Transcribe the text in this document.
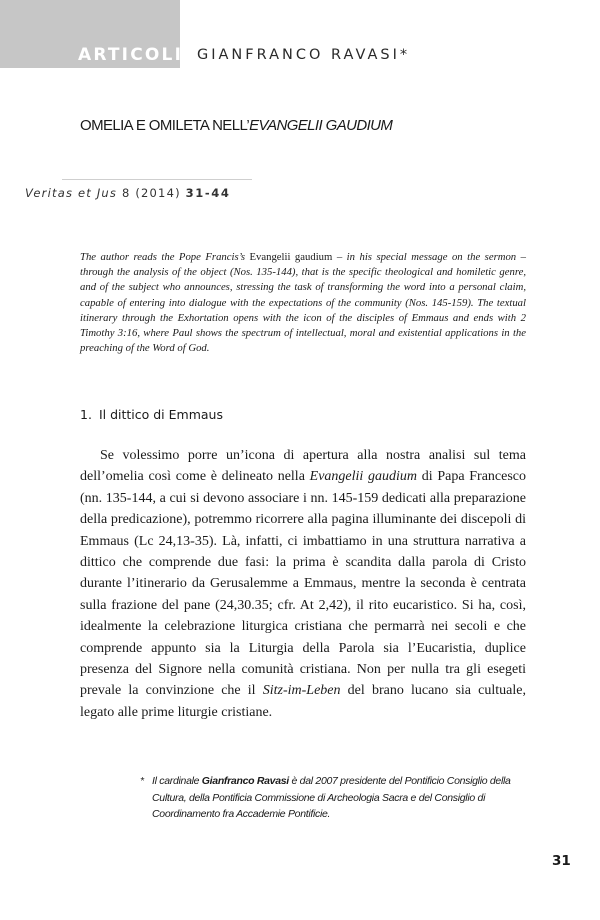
ARTICOLI GIANFRANCO RAVASI*
OMELIA E OMILETA NELL’EVANGELII GAUDIUM
Veritas et Jus 8 (2014) 31-44

The author reads the Pope Francis’s Evangelii gaudium – in his special message on the sermon – through the analysis of the object (Nos. 135-144), that is the specific theological and homiletic genre, and of the subject who announces, stressing the task of transforming the word into a personal claim, capable of entering into dialogue with the expectations of the community (Nos. 145-159). The textual itinerary through the Exhortation opens with the icon of the disciples of Emmaus and ends with 2 Timothy 3:16, where Paul shows the spectrum of intellectual, moral and existential applications in the preaching of the Word of God.

1. Il dittico di Emmaus

Se volessimo porre un’icona di apertura alla nostra analisi sul tema dell’omelia così come è delineato nella Evangelii gaudium di Papa Francesco (nn. 135-144, a cui si devono associare i nn. 145-159 dedicati alla preparazione della predicazione), potremmo ricorrere alla pagina illuminante dei discepoli di Emmaus (Lc 24,13-35). Là, infatti, ci imbattiamo in una struttura narrativa a dittico che comprende due fasi: la prima è scandita dalla parola di Cristo durante l’itinerario da Gerusalemme a Emmaus, mentre la seconda è centrata sulla frazione del pane (24,30.35; cfr. At 2,42), il rito eucaristico. Si ha, così, idealmente la celebrazione liturgica cristiana che permarrà nei secoli e che comprende appunto sia la Liturgia della Parola sia l’Eucaristia, duplice presenza del Signore nella comunità cristiana. Non per nulla tra gli esegeti prevale la convinzione che il Sitz-im-Leben del brano lucano sia cultuale, legato alle prime liturgie cristiane.

* Il cardinale Gianfranco Ravasi è dal 2007 presidente del Pontificio Consiglio della Cultura, della Pontificia Commissione di Archeologia Sacra e del Consiglio di Coordinamento fra Accademie Pontificie.
31
